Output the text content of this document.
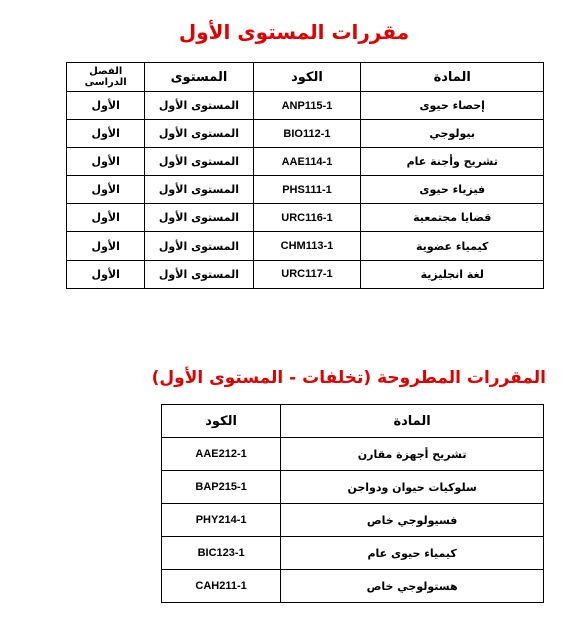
مقررات المستوى الأول
المادة	الكود	المستوى	الفصل الدراسى
إحصاء حيوى	ANP115-1	المستوى الأول	الأول
بيولوجي	BIO112-1	المستوى الأول	الأول
تشريح وأجنة عام	AAE114-1	المستوى الأول	الأول
فيزياء حيوى	PHS111-1	المستوى الأول	الأول
قضايا مجتمعية	URC116-1	المستوى الأول	الأول
كيمياء عضوية	CHM113-1	المستوى الأول	الأول
لغة انجليزية	URC117-1	المستوى الأول	الأول
المقررات المطروحة (تخلفات - المستوى الأول)
المادة	الكود
تشريح أجهزة مقارن	AAE212-1
سلوكيات حيوان ودواجن	BAP215-1
فسيولوجي خاص	PHY214-1
كيمياء حيوى عام	BIC123-1
هستولوجي خاص	CAH211-1
